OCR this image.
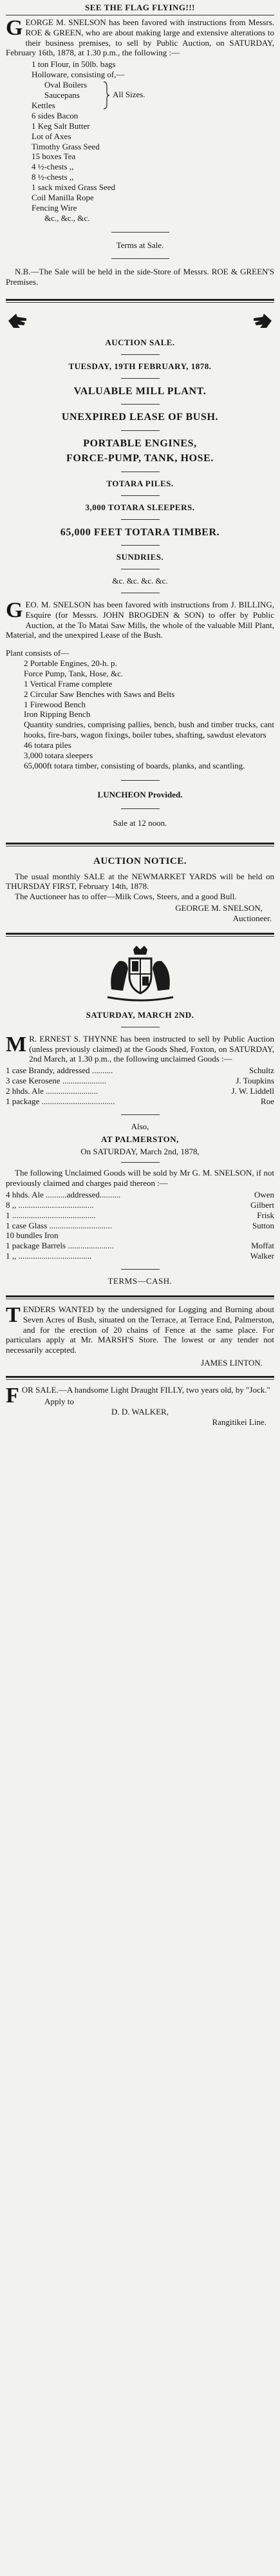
SEE THE FLAG FLYING!!!

GEORGE M. SNELSON has been favored with instructions from Messrs. ROE & GREEN, who are about making large and extensive alterations to their business premises, to sell by Public Auction, on SATURDAY, February 16th, 1878, at 1.30 p.m., the following :—

1 ton Flour, in 50lb. bags
Holloware, consisting of,—
Oval Boilers
Saucepans
Kettles
All Sizes.
6 sides Bacon
1 Keg Salt Butter
Lot of Axes
Timothy Grass Seed
15 boxes Tea
4 ½-chests ,,
8 ½-chests ,,
1 sack mixed Grass Seed
Coil Manilla Rope
Fencing Wire
&c., &c., &c.
Terms at Sale.

N.B.—The Sale will be held in the side-Store of Messrs. ROE & GREEN'S Premises.

AUCTION SALE.
TUESDAY, 19TH FEBRUARY, 1878.
VALUABLE MILL PLANT.
UNEXPIRED LEASE OF BUSH.
PORTABLE ENGINES,
FORCE-PUMP, TANK, HOSE.
TOTARA PILES.
3,000 TOTARA SLEEPERS.
65,000 FEET TOTARA TIMBER.
SUNDRIES.
&c. &c. &c. &c.

GEO. M. SNELSON has been favored with instructions from J. BILLING, Esquire (for Messrs. JOHN BROGDEN & SON) to offer by Public Auction, at the To Matai Saw Mills, the whole of the valuable Mill Plant, Material, and the unexpired Lease of the Bush.

Plant consists of—

2 Portable Engines, 20-h. p.

Force Pump, Tank, Hose, &c.

1 Vertical Frame complete

2 Circular Saw Benches with Saws and Belts

1 Firewood Bench

Iron Ripping Bench

Quantity sundries, comprising pallies, bench, bush and timber trucks, cant hooks, fire-bars, wagon fixings, boiler tubes, shafting, sawdust elevators

46 totara piles

3,000 totara sleepers

65,000ft totara timber, consisting of boards, planks, and scantling.

LUNCHEON Provided.
Sale at 12 noon.
AUCTION NOTICE.

The usual monthly SALE at the NEWMARKET YARDS will be held on THURSDAY FIRST, February 14th, 1878.

The Auctioneer has to offer—Milk Cows, Steers, and a good Bull.

GEORGE M. SNELSON,
Auctioneer.
SATURDAY, MARCH 2ND.

M R. ERNEST S. THYNNE has been instructed to sell by Public Auction (unless previously claimed) at the Goods Shed, Foxton, on SATURDAY, 2nd March, at 1.30 p.m., the following unclaimed Goods :—

1 case Brandy, addressed ..........	Schultz
3 case Kerosene .....................	J. Toupkins
2 hhds. Ale .........................	J. W. Liddell
1 package ...................................	Roe
Also,
AT PALMERSTON,
On SATURDAY, March 2nd, 1878,

The following Unclaimed Goods will be sold by Mr G. M. SNELSON, if not previously claimed and charges paid thereon :—

4 hhds. Ale ..........addressed..........	Owen
8 ,, ....................................	Gilbert
1 ........................................	Frisk
1 case Glass ..............................	Sutton
10 bundles Iron
1 package Barrels ......................	Moffat
1 ,, ...................................	Walker
TERMS—CASH.

TENDERS WANTED by the undersigned for Logging and Burning about Seven Acres of Bush, situated on the Terrace, at Terrace End, Palmerston, and for the erection of 20 chains of Fence at the same place. For particulars apply at Mr. MARSH'S Store. The lowest or any tender not necessarily accepted.

JAMES LINTON.

FOR SALE.—A handsome Light Draught FILLY, two years old, by "Jock."

Apply to
D. D. WALKER,
Rangitikei Line.
